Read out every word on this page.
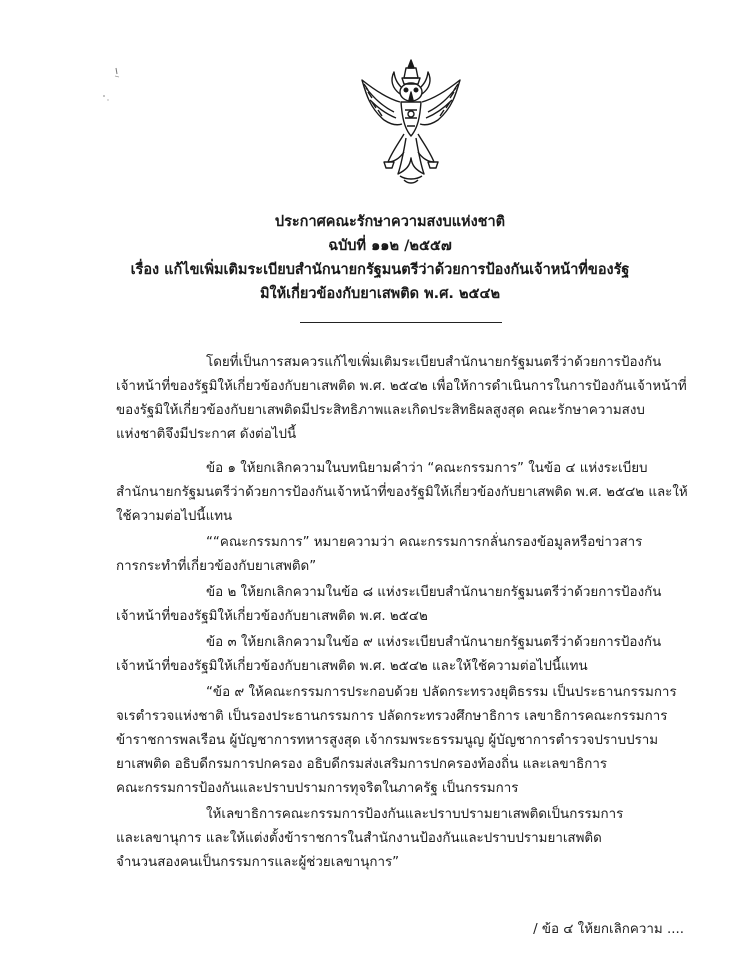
ประกาศคณะรักษาความสงบแห่งชาติ
ฉบับที่ ๑๑๒ /๒๕๕๗
เรื่อง แก้ไขเพิ่มเติมระเบียบสำนักนายกรัฐมนตรีว่าด้วยการป้องกันเจ้าหน้าที่ของรัฐ
มิให้เกี่ยวข้องกับยาเสพติด พ.ศ. ๒๕๔๒
โดยที่เป็นการสมควรแก้ไขเพิ่มเติมระเบียบสำนักนายกรัฐมนตรีว่าด้วยการป้องกัน
เจ้าหน้าที่ของรัฐมิให้เกี่ยวข้องกับยาเสพติด พ.ศ. ๒๕๔๒ เพื่อให้การดำเนินการในการป้องกันเจ้าหน้าที่
ของรัฐมิให้เกี่ยวข้องกับยาเสพติดมีประสิทธิภาพและเกิดประสิทธิผลสูงสุด คณะรักษาความสงบ
แห่งชาติจึงมีประกาศ ดังต่อไปนี้
ข้อ ๑ ให้ยกเลิกความในบทนิยามคำว่า “คณะกรรมการ” ในข้อ ๔ แห่งระเบียบ
สำนักนายกรัฐมนตรีว่าด้วยการป้องกันเจ้าหน้าที่ของรัฐมิให้เกี่ยวข้องกับยาเสพติด พ.ศ. ๒๕๔๒ และให้
ใช้ความต่อไปนี้แทน
““คณะกรรมการ” หมายความว่า คณะกรรมการกลั่นกรองข้อมูลหรือข่าวสาร
การกระทำที่เกี่ยวข้องกับยาเสพติด”
ข้อ ๒ ให้ยกเลิกความในข้อ ๘ แห่งระเบียบสำนักนายกรัฐมนตรีว่าด้วยการป้องกัน
เจ้าหน้าที่ของรัฐมิให้เกี่ยวข้องกับยาเสพติด พ.ศ. ๒๕๔๒
ข้อ ๓ ให้ยกเลิกความในข้อ ๙ แห่งระเบียบสำนักนายกรัฐมนตรีว่าด้วยการป้องกัน
เจ้าหน้าที่ของรัฐมิให้เกี่ยวข้องกับยาเสพติด พ.ศ. ๒๕๔๒ และให้ใช้ความต่อไปนี้แทน
“ข้อ ๙ ให้คณะกรรมการประกอบด้วย ปลัดกระทรวงยุติธรรม เป็นประธานกรรมการ
จเรตำรวจแห่งชาติ เป็นรองประธานกรรมการ ปลัดกระทรวงศึกษาธิการ เลขาธิการคณะกรรมการ
ข้าราชการพลเรือน ผู้บัญชาการทหารสูงสุด เจ้ากรมพระธรรมนูญ ผู้บัญชาการตำรวจปราบปราม
ยาเสพติด อธิบดีกรมการปกครอง อธิบดีกรมส่งเสริมการปกครองท้องถิ่น และเลขาธิการ
คณะกรรมการป้องกันและปราบปรามการทุจริตในภาครัฐ เป็นกรรมการ
ให้เลขาธิการคณะกรรมการป้องกันและปราบปรามยาเสพติดเป็นกรรมการ
และเลขานุการ และให้แต่งตั้งข้าราชการในสำนักงานป้องกันและปราบปรามยาเสพติด
จำนวนสองคนเป็นกรรมการและผู้ช่วยเลขานุการ”
/ ข้อ ๔ ให้ยกเลิกความ ....
